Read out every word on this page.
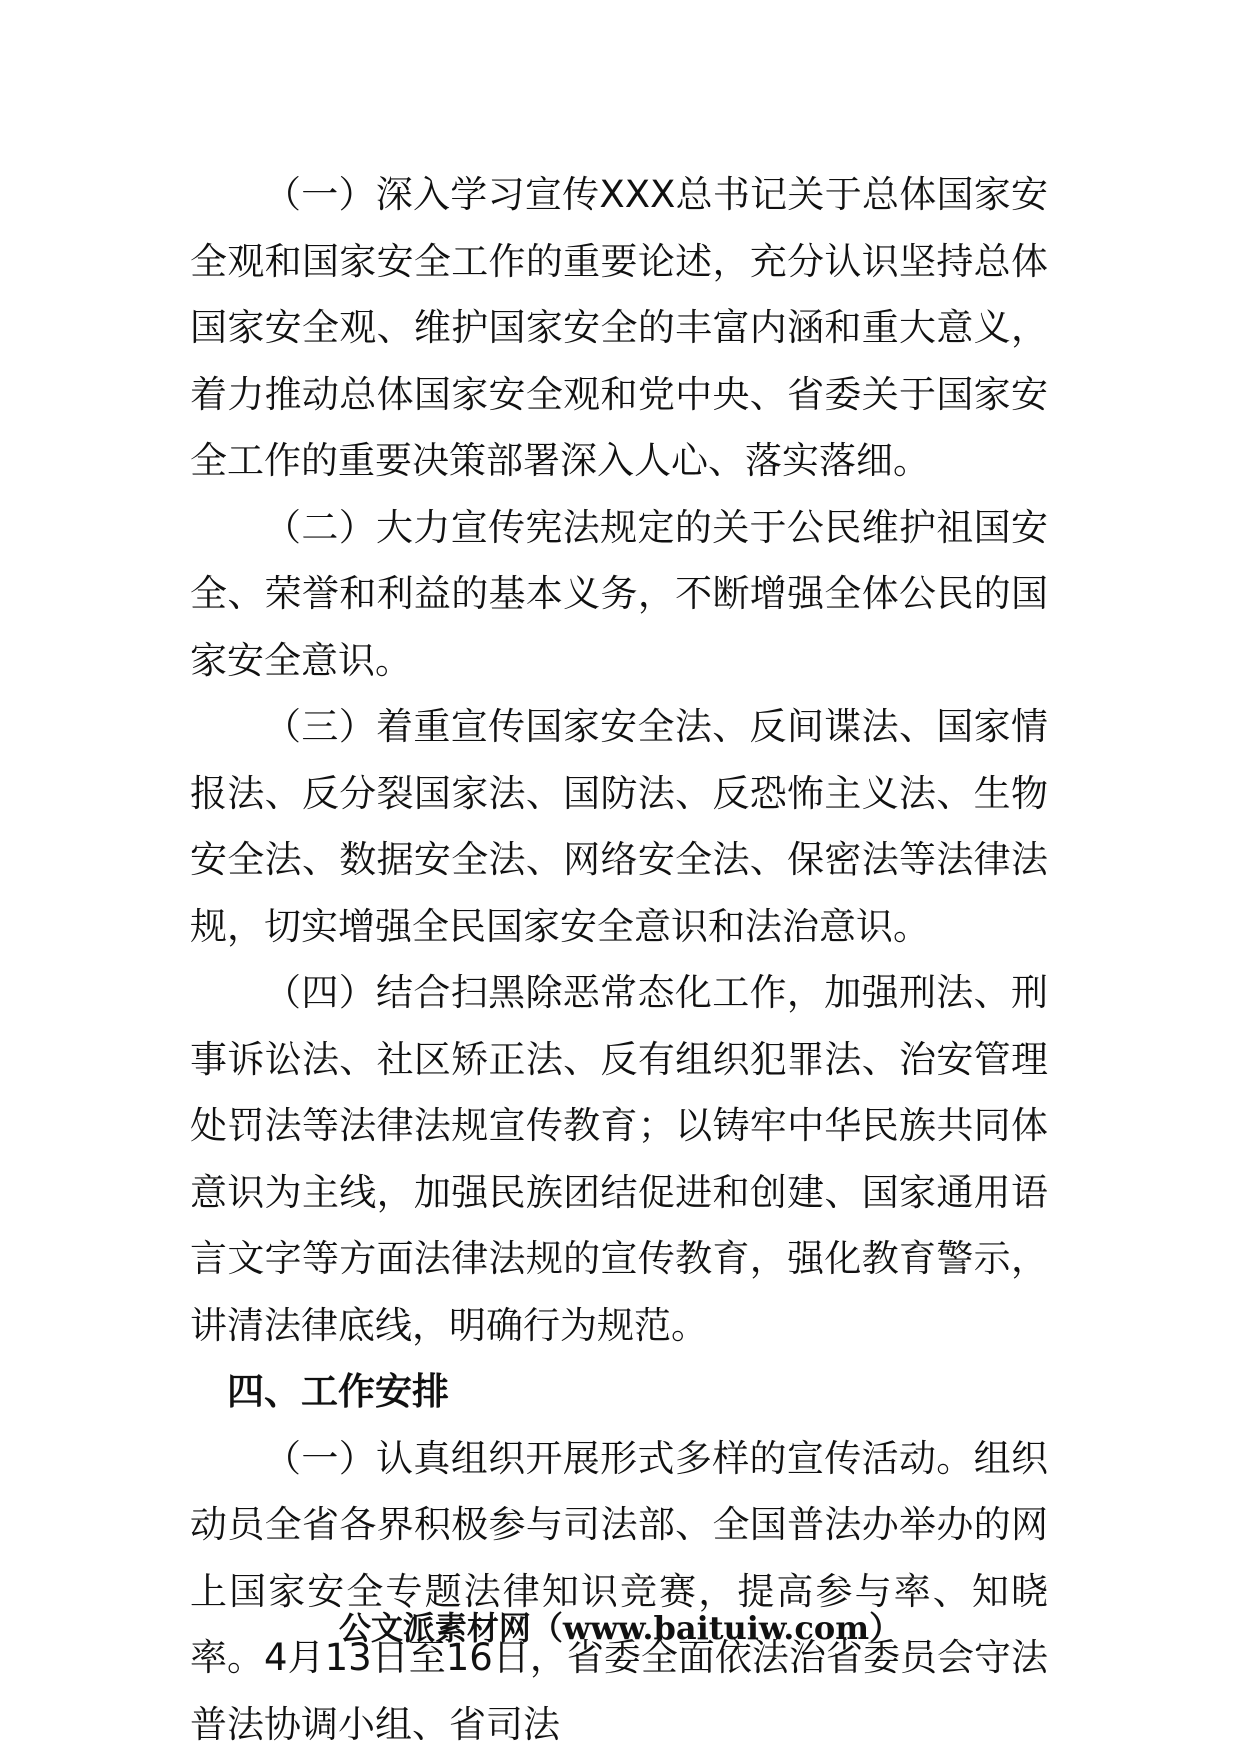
（一）深入学习宣传XXX总书记关于总体国家安全观和国家安全工作的重要论述，充分认识坚持总体国家安全观、维护国家安全的丰富内涵和重大意义，着力推动总体国家安全观和党中央、省委关于国家安全工作的重要决策部署深入人心、落实落细。

（二）大力宣传宪法规定的关于公民维护祖国安全、荣誉和利益的基本义务，不断增强全体公民的国家安全意识。

（三）着重宣传国家安全法、反间谍法、国家情报法、反分裂国家法、国防法、反恐怖主义法、生物安全法、数据安全法、网络安全法、保密法等法律法规，切实增强全民国家安全意识和法治意识。

（四）结合扫黑除恶常态化工作，加强刑法、刑事诉讼法、社区矫正法、反有组织犯罪法、治安管理处罚法等法律法规宣传教育；以铸牢中华民族共同体意识为主线，加强民族团结促进和创建、国家通用语言文字等方面法律法规的宣传教育，强化教育警示，讲清法律底线，明确行为规范。

四、工作安排

（一）认真组织开展形式多样的宣传活动。组织动员全省各界积极参与司法部、全国普法办举办的网上国家安全专题法律知识竞赛，提高参与率、知晓率。4月13日至16日，省委全面依法治省委员会守法普法协调小组、省司法

公文派素材网（www.baituiw.com）
